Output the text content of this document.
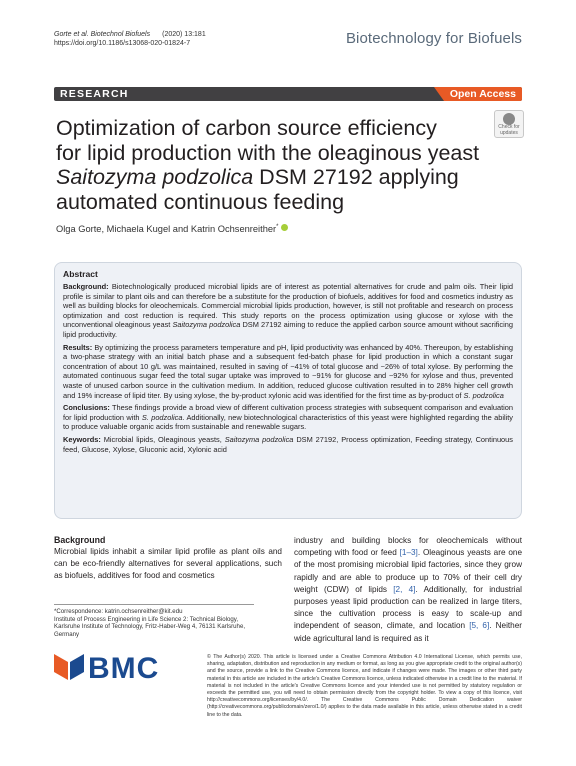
Gorte et al. Biotechnol Biofuels (2020) 13:181
https://doi.org/10.1186/s13068-020-01824-7	Biotechnology for Biofuels
RESEARCH	Open Access
Check for
updates
Optimization of carbon source efficiency
for lipid production with the oleaginous yeast
Saitozyma podzolica DSM 27192 applying
automated continuous feeding
Olga Gorte, Michaela Kugel and Katrin Ochsenreither*
Abstract

Background: Biotechnologically produced microbial lipids are of interest as potential alternatives for crude and palm oils. Their lipid profile is similar to plant oils and can therefore be a substitute for the production of biofuels, additives for food and cosmetics industry as well as building blocks for oleochemicals. Commercial microbial lipids production, however, is still not profitable and research on process optimization and cost reduction is required. This study reports on the process optimization using glucose or xylose with the unconventional oleaginous yeast Saitozyma podzolica DSM 27192 aiming to reduce the applied carbon source amount without sacrificing lipid productivity.

Results: By optimizing the process parameters temperature and pH, lipid productivity was enhanced by 40%. Thereupon, by establishing a two-phase strategy with an initial batch phase and a subsequent fed-batch phase for lipid production in which a constant sugar concentration of about 10 g/L was maintained, resulted in saving of ~41% of total glucose and ~26% of total xylose. By performing the automated continuous sugar feed the total sugar uptake was improved to ~91% for glucose and ~92% for xylose and thus, prevented waste of unused carbon source in the cultivation medium. In addition, reduced glucose cultivation resulted in to 28% higher cell growth and 19% increase of lipid titer. By using xylose, the by-product xylonic acid was identified for the first time as by-product of S. podzolica

Conclusions: These findings provide a broad view of different cultivation process strategies with subsequent comparison and evaluation for lipid production with S. podzolica. Additionally, new biotechnological characteristics of this yeast were highlighted regarding the ability to produce valuable organic acids from sustainable and renewable sugars.

Keywords: Microbial lipids, Oleaginous yeasts, Saitozyma podzolica DSM 27192, Process optimization, Feeding strategy, Continuous feed, Glucose, Xylose, Gluconic acid, Xylonic acid

Background

Microbial lipids inhabit a similar lipid profile as plant oils and can be eco-friendly alternatives for several applications, such as biofuels, additives for food and cosmetics

industry and building blocks for oleochemicals without competing with food or feed [1–3]. Oleaginous yeasts are one of the most promising microbial lipid factories, since they grow rapidly and are able to produce up to 70% of their cell dry weight (CDW) of lipids [2, 4]. Additionally, for industrial purposes yeast lipid production can be realized in large titers, since the cultivation process is easy to scale-up and independent of season, climate, and location [5, 6]. Neither wide agricultural land is required as it

*Correspondence: katrin.ochsenreither@kit.edu
Institute of Process Engineering in Life Science 2: Technical Biology, Karlsruhe Institute of Technology, Fritz-Haber-Weg 4, 76131 Karlsruhe, Germany
BMC	© The Author(s) 2020. This article is licensed under a Creative Commons Attribution 4.0 International License, which permits use, sharing, adaptation, distribution and reproduction in any medium or format, as long as you give appropriate credit to the original author(s) and the source, provide a link to the Creative Commons licence, and indicate if changes were made. The images or other third party material in this article are included in the article's Creative Commons licence, unless indicated otherwise in a credit line to the material. If material is not included in the article's Creative Commons licence and your intended use is not permitted by statutory regulation or exceeds the permitted use, you will need to obtain permission directly from the copyright holder. To view a copy of this licence, visit http://creativecommons.org/licenses/by/4.0/. The Creative Commons Public Domain Dedication waiver (http://creativecommons.org/publicdomain/zero/1.0/) applies to the data made available in this article, unless otherwise stated in a credit line to the data.
